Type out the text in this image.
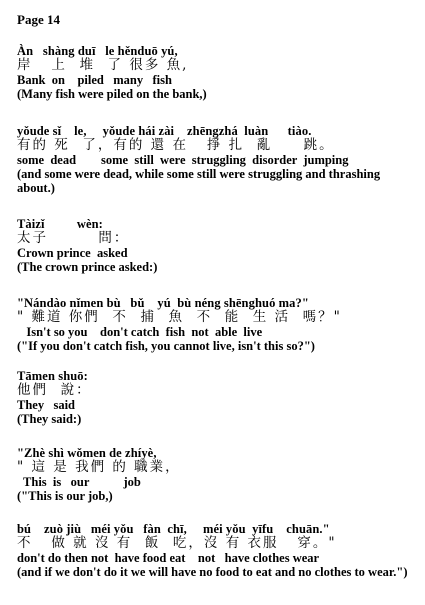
Page 14
Àn   shàng duī   le hěnduō yú,
岸   上  堆  了 很多 魚,
Bank  on    piled   many   fish
(Many fish were piled on the bank,)
yǒude sǐ    le,     yǒude hái zài    zhēngzhá  luàn      tiào.
有的 死  了，有的 還 在   掙 扎  亂     跳。
some  dead        some  still  were  struggling  disorder  jumping
(and some were dead, while some still were struggling and thrashing about.)
Tàizǐ          wèn:
太子        問：
Crown prince  asked
(The crown prince asked:)
"Nándào nǐmen bù   bǔ    yú  bù néng shēnghuó ma?"
" 難道 你們  不  捕  魚  不  能  生 活  嗎？"
Isn't so you    don't catch  fish  not  able  live
("If you don't catch fish, you cannot live, isn't this so?")
Tāmen shuō:
他們  說：
They   said
(They said:)
"Zhè shì wǒmen de zhíyè,
" 這 是 我們 的 職業，
This  is   our           job
("This is our job,)
bú    zuò jiù   méi yǒu   fàn  chī,     méi yǒu  yīfu    chuān."
不   做 就 沒 有  飯  吃，沒 有 衣服   穿。"
don't do then not  have food eat    not   have clothes wear
(and if we don't do it we will have no food to eat and no clothes to wear.")
